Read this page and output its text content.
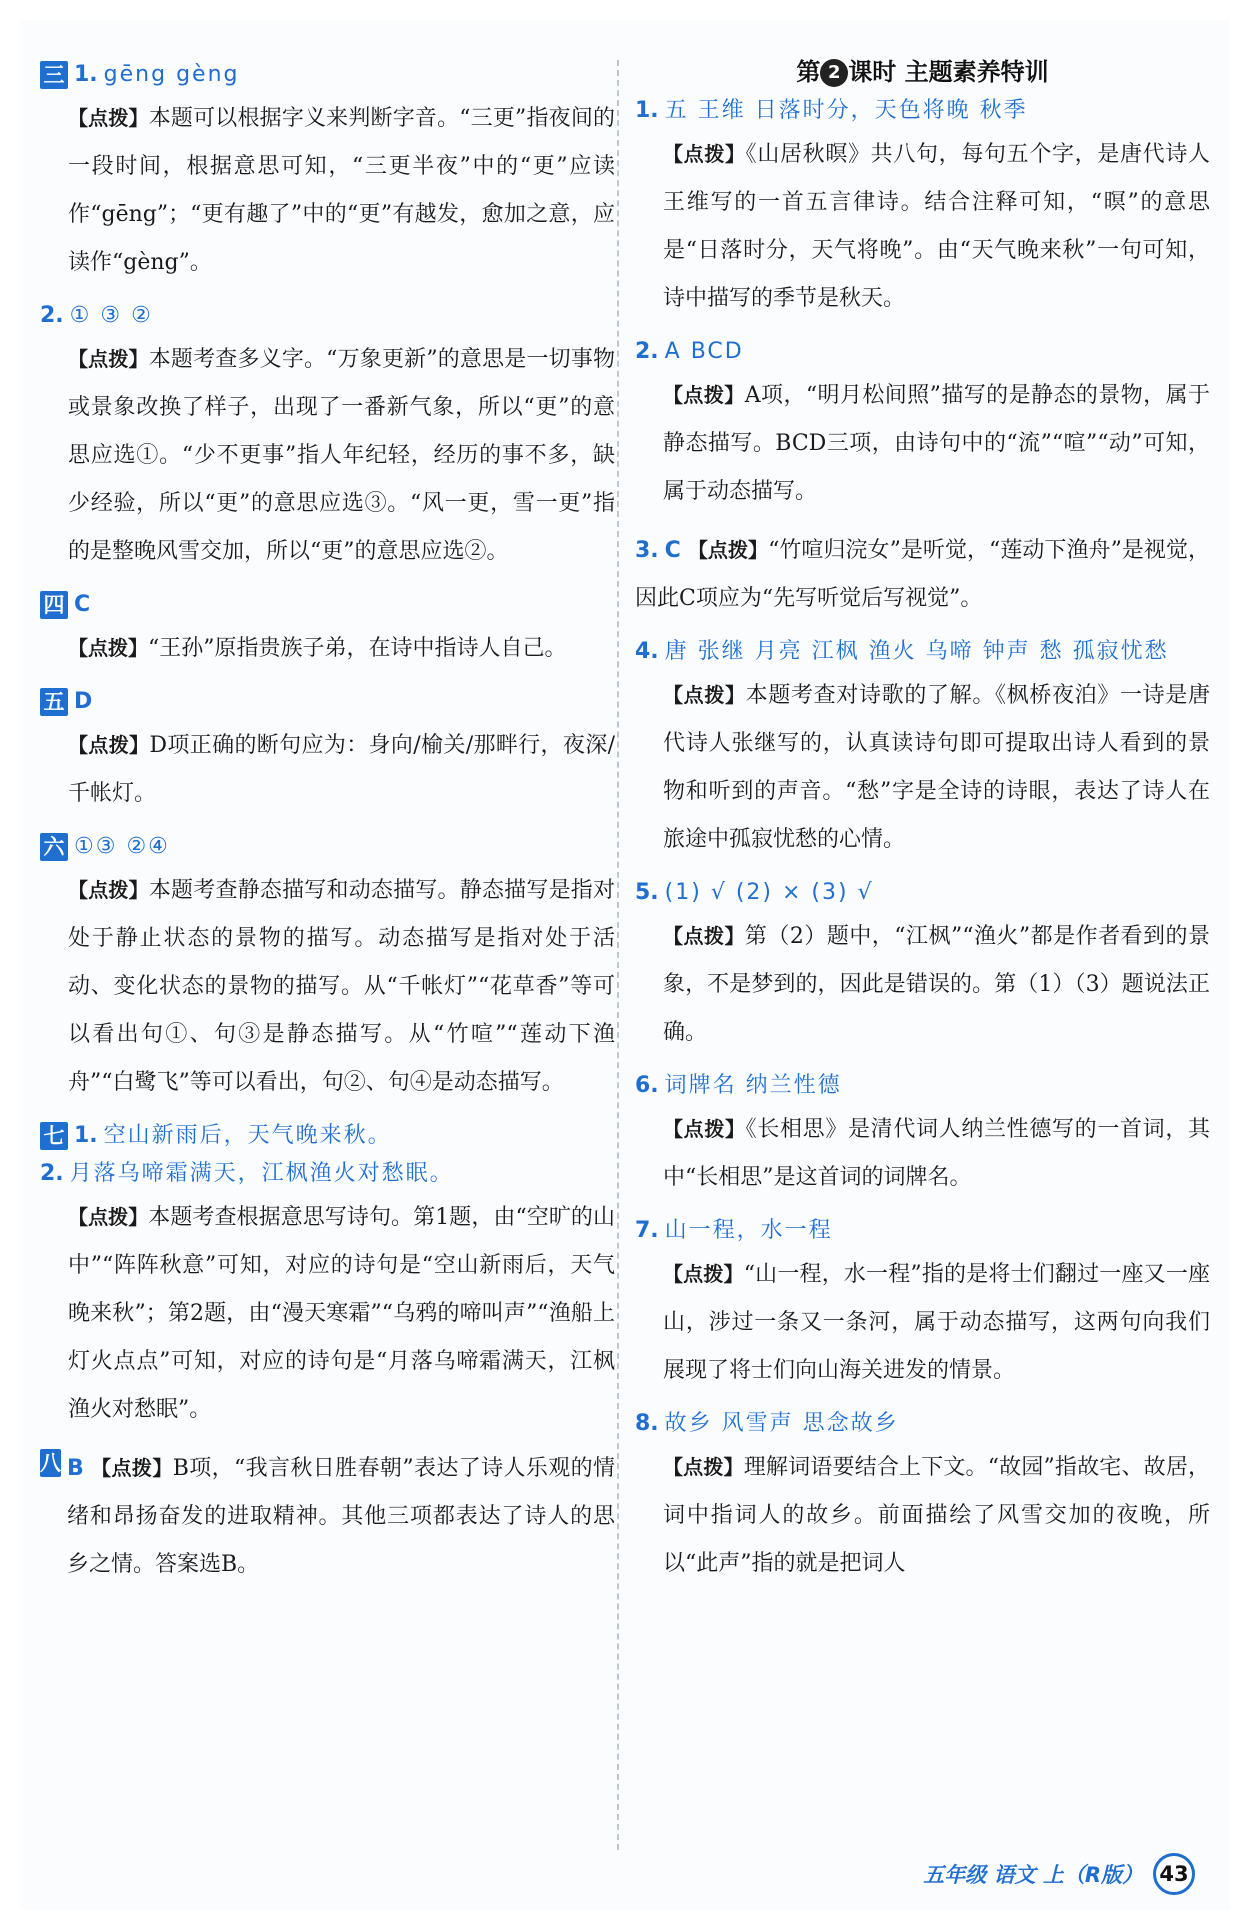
三 1. gēng gèng

【点拨】本题可以根据字义来判断字音。“三更”指夜间的一段时间，根据意思可知，“三更半夜”中的“更”应读作“gēng”；“更有趣了”中的“更”有越发，愈加之意，应读作“gèng”。

2. ① ③ ②

【点拨】本题考查多义字。“万象更新”的意思是一切事物或景象改换了样子，出现了一番新气象，所以“更”的意思应选①。“少不更事”指人年纪轻，经历的事不多，缺少经验，所以“更”的意思应选③。“风一更，雪一更”指的是整晚风雪交加，所以“更”的意思应选②。

四 C

【点拨】“王孙”原指贵族子弟，在诗中指诗人自己。

五 D

【点拨】D项正确的断句应为：身向/榆关/那畔行，夜深/千帐灯。

六 ①③ ②④

【点拨】本题考查静态描写和动态描写。静态描写是指对处于静止状态的景物的描写。动态描写是指对处于活动、变化状态的景物的描写。从“千帐灯”“花草香”等可以看出句①、句③是静态描写。从“竹喧”“莲动下渔舟”“白鹭飞”等可以看出，句②、句④是动态描写。

七 1. 空山新雨后，天气晚来秋。
2. 月落乌啼霜满天，江枫渔火对愁眠。

【点拨】本题考查根据意思写诗句。第1题，由“空旷的山中”“阵阵秋意”可知，对应的诗句是“空山新雨后，天气晚来秋”；第2题，由“漫天寒霜”“乌鸦的啼叫声”“渔船上灯火点点”可知，对应的诗句是“月落乌啼霜满天，江枫渔火对愁眠”。

八 B 【点拨】B项，“我言秋日胜春朝”表达了诗人乐观的情绪和昂扬奋发的进取精神。其他三项都表达了诗人的思乡之情。答案选B。

第 2 课时 主题素养特训
1. 五 王维 日落时分，天色将晚 秋季

【点拨】《山居秋暝》共八句，每句五个字，是唐代诗人王维写的一首五言律诗。结合注释可知，“暝”的意思是“日落时分，天气将晚”。由“天气晚来秋”一句可知，诗中描写的季节是秋天。

2. A BCD

【点拨】A项，“明月松间照”描写的是静态的景物，属于静态描写。BCD三项，由诗句中的“流”“喧”“动”可知，属于动态描写。

3. C 【点拨】“竹喧归浣女”是听觉，“莲动下渔舟”是视觉，因此C项应为“先写听觉后写视觉”。

4. 唐 张继 月亮 江枫 渔火 乌啼 钟声 愁 孤寂忧愁

【点拨】本题考查对诗歌的了解。《枫桥夜泊》一诗是唐代诗人张继写的，认真读诗句即可提取出诗人看到的景物和听到的声音。“愁”字是全诗的诗眼，表达了诗人在旅途中孤寂忧愁的心情。

5. (1) √ (2) × (3) √

【点拨】第（2）题中，“江枫”“渔火”都是作者看到的景象，不是梦到的，因此是错误的。第（1）（3）题说法正确。

6. 词牌名 纳兰性德

【点拨】《长相思》是清代词人纳兰性德写的一首词，其中“长相思”是这首词的词牌名。

7. 山一程，水一程

【点拨】“山一程，水一程”指的是将士们翻过一座又一座山，涉过一条又一条河，属于动态描写，这两句向我们展现了将士们向山海关进发的情景。

8. 故乡 风雪声 思念故乡

【点拨】理解词语要结合上下文。“故园”指故宅、故居，词中指词人的故乡。前面描绘了风雪交加的夜晚，所以“此声”指的就是把词人

五年级 语文 上（R版） 43
